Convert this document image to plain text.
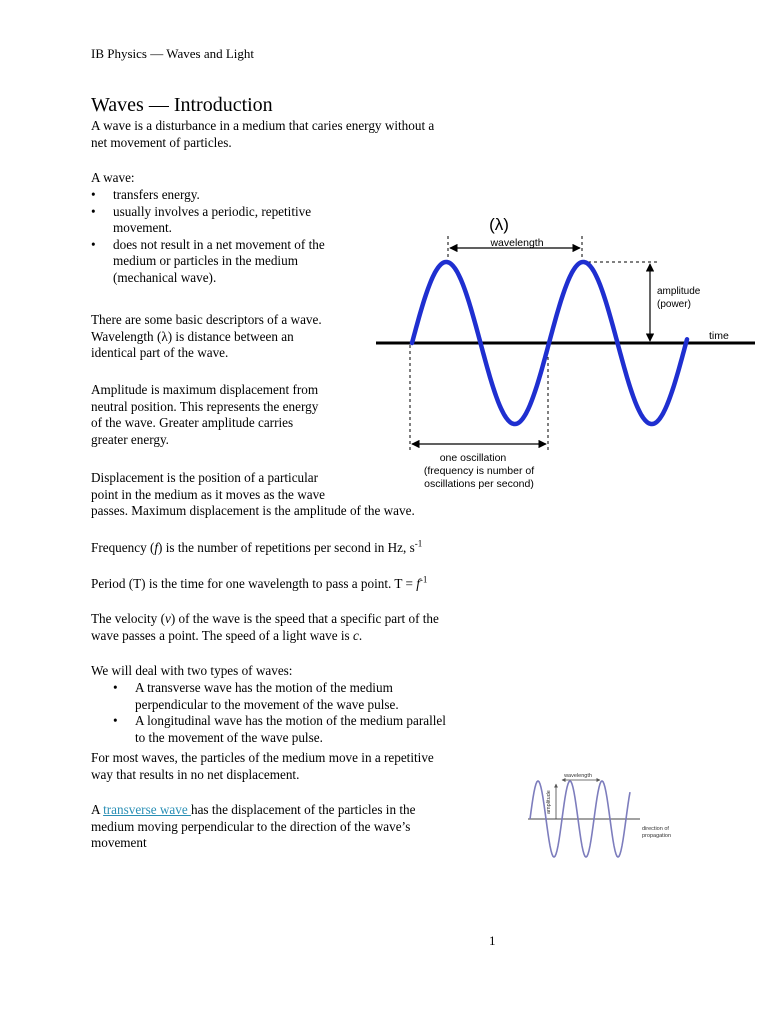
IB Physics — Waves and Light
Waves — Introduction

A wave is a disturbance in a medium that caries energy without a
net movement of particles.

A wave:
• transfers energy.
• usually involves a periodic, repetitive
movement.
• does not result in a net movement of the
medium or particles in the medium
(mechanical wave).

There are some basic descriptors of a wave.
Wavelength (λ) is distance between an
identical part of the wave.

Amplitude is maximum displacement from
neutral position. This represents the energy
of the wave. Greater amplitude carries
greater energy.

Displacement is the position of a particular
point in the medium as it moves as the wave
passes. Maximum displacement is the amplitude of the wave.

Frequency (f) is the number of repetitions per second in Hz, $s^{-1}$

Period (T) is the time for one wavelength to pass a point. $T = f^{-1}$

The velocity (v) of the wave is the speed that a specific part of the
wave passes a point. The speed of a light wave is c.

We will deal with two types of waves:
• A transverse wave has the motion of the medium
perpendicular to the movement of the wave pulse.
• A longitudinal wave has the motion of the medium parallel
to the movement of the wave pulse.

For most waves, the particles of the medium move in a repetitive
way that results in no net displacement.

A transverse wave has the displacement of the particles in the
medium moving perpendicular to the direction of the wave’s
movement

(λ)
wavelength
amplitude
(power)
time
one oscillation
(frequency is number of
oscillations per second)
wavelength
amplitude
direction of
propagation
1
